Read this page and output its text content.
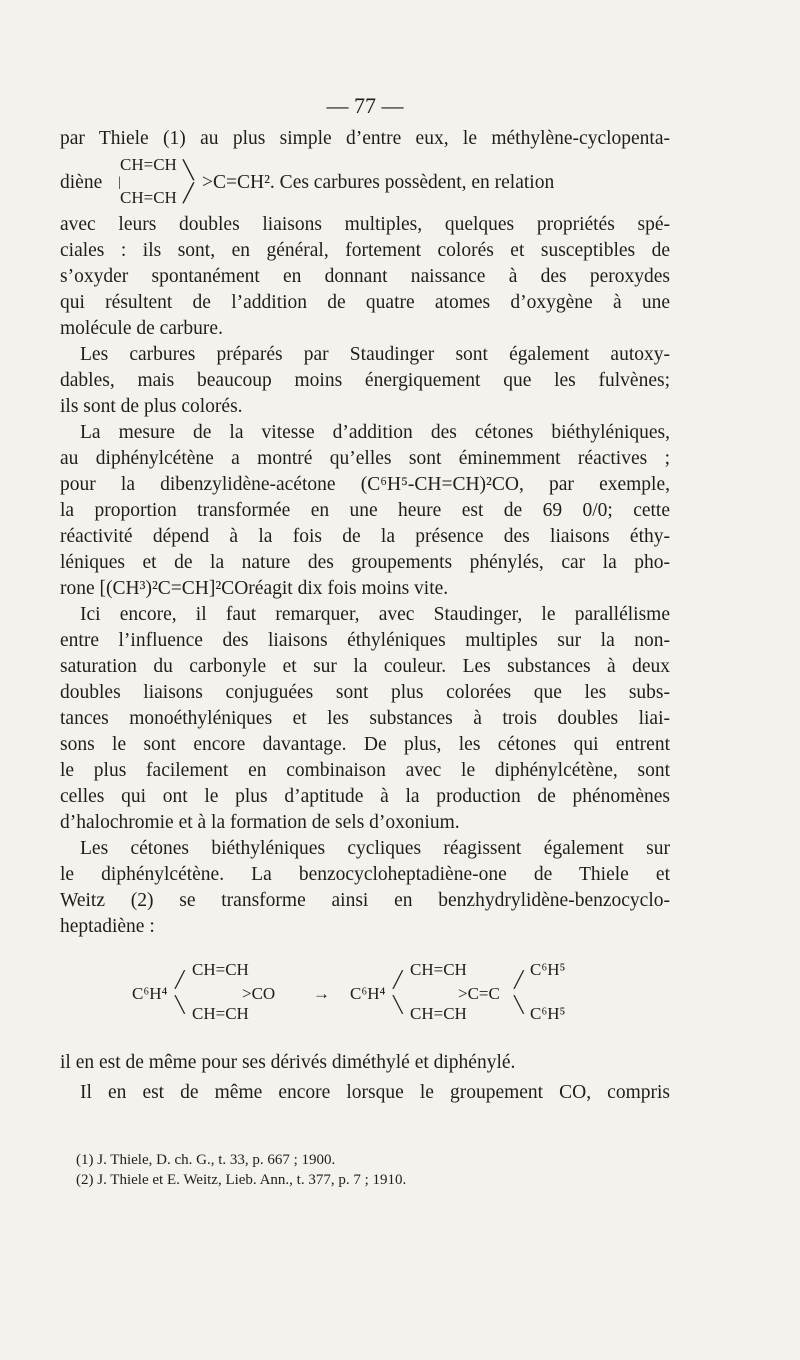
— 77 —
par Thiele (1) au plus simple d’entre eux, le méthylène-cyclopenta-
diène
CH=CH
|
CH=CH
╲
╱ >C=CH². Ces carbures possèdent, en relation
avec leurs doubles liaisons multiples, quelques propriétés spé-
ciales : ils sont, en général, fortement colorés et susceptibles de
s’oxyder spontanément en donnant naissance à des peroxydes
qui résultent de l’addition de quatre atomes d’oxygène à une
molécule de carbure.
Les carbures préparés par Staudinger sont également autoxy-
dables, mais beaucoup moins énergiquement que les fulvènes;
ils sont de plus colorés.
La mesure de la vitesse d’addition des cétones biéthyléniques,
au diphénylcétène a montré qu’elles sont éminemment réactives ;
pour la dibenzylidène-acétone (C⁶H⁵-CH=CH)²CO, par exemple,
la proportion transformée en une heure est de 69 0/0; cette
réactivité dépend à la fois de la présence des liaisons éthy-
léniques et de la nature des groupements phénylés, car la pho-
rone [(CH³)²C=CH]²COréagit dix fois moins vite.
Ici encore, il faut remarquer, avec Staudinger, le parallélisme
entre l’influence des liaisons éthyléniques multiples sur la non-
saturation du carbonyle et sur la couleur. Les substances à deux
doubles liaisons conjuguées sont plus colorées que les subs-
tances monoéthyléniques et les substances à trois doubles liai-
sons le sont encore davantage. De plus, les cétones qui entrent
le plus facilement en combinaison avec le diphénylcétène, sont
celles qui ont le plus d’aptitude à la production de phénomènes
d’halochromie et à la formation de sels d’oxonium.
Les cétones biéthyléniques cycliques réagissent également sur
le diphénylcétène. La benzocycloheptadiène-one de Thiele et
Weitz (2) se transforme ainsi en benzhydrylidène-benzocyclo-
heptadiène :
C⁶H⁴
╱
╲
CH=CH
CH=CH
>CO → C⁶H⁴
╱
╲
CH=CH
CH=CH
>C=C
╱
╲
C⁶H⁵
C⁶H⁵
il en est de même pour ses dérivés diméthylé et diphénylé.
Il en est de même encore lorsque le groupement CO, compris
(1) J. Thiele, D. ch. G., t. 33, p. 667 ; 1900.
(2) J. Thiele et E. Weitz, Lieb. Ann., t. 377, p. 7 ; 1910.
